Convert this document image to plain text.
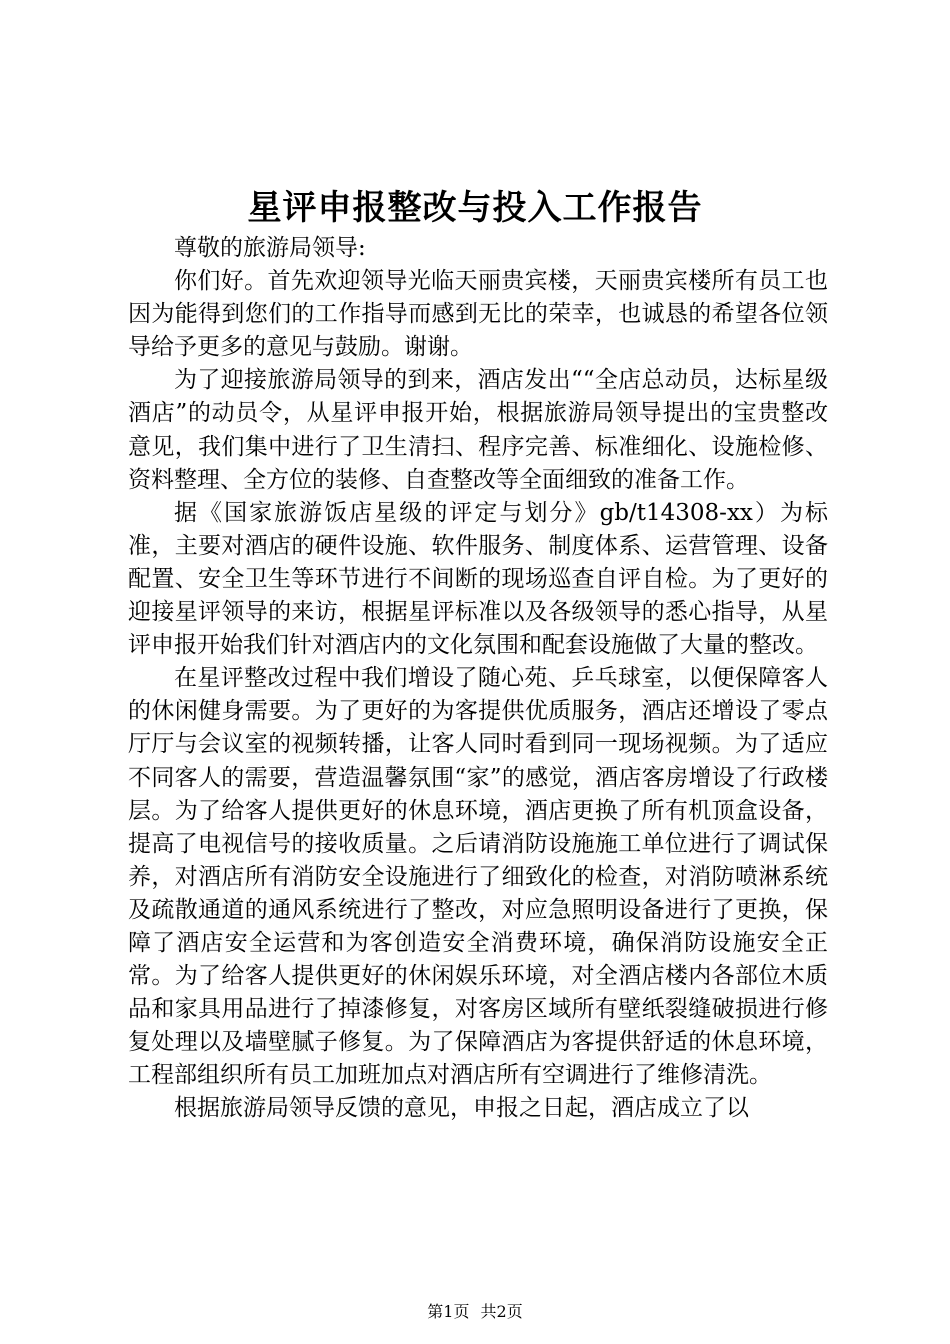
星评申报整改与投入工作报告

尊敬的旅游局领导:

你们好。首先欢迎领导光临天丽贵宾楼，天丽贵宾楼所有员工也因为能得到您们的工作指导而感到无比的荣幸，也诚恳的希望各位领导给予更多的意见与鼓励。谢谢。

为了迎接旅游局领导的到来，酒店发出““全店总动员，达标星级酒店”的动员令，从星评申报开始，根据旅游局领导提出的宝贵整改意见，我们集中进行了卫生清扫、程序完善、标准细化、设施检修、资料整理、全方位的装修、自查整改等全面细致的准备工作。

据《国家旅游饭店星级的评定与划分》gb/t14308-xx）为标准，主要对酒店的硬件设施、软件服务、制度体系、运营管理、设备配置、安全卫生等环节进行不间断的现场巡查自评自检。为了更好的迎接星评领导的来访，根据星评标准以及各级领导的悉心指导，从星评申报开始我们针对酒店内的文化氛围和配套设施做了大量的整改。

在星评整改过程中我们增设了随心苑、乒乓球室，以便保障客人的休闲健身需要。为了更好的为客提供优质服务，酒店还增设了零点厅厅与会议室的视频转播，让客人同时看到同一现场视频。为了适应不同客人的需要，营造温馨氛围“家”的感觉，酒店客房增设了行政楼层。为了给客人提供更好的休息环境，酒店更换了所有机顶盒设备，提高了电视信号的接收质量。之后请消防设施施工单位进行了调试保养，对酒店所有消防安全设施进行了细致化的检查，对消防喷淋系统及疏散通道的通风系统进行了整改，对应急照明设备进行了更换，保障了酒店安全运营和为客创造安全消费环境，确保消防设施安全正常。为了给客人提供更好的休闲娱乐环境，对全酒店楼内各部位木质品和家具用品进行了掉漆修复，对客房区域所有壁纸裂缝破损进行修复处理以及墙壁腻子修复。为了保障酒店为客提供舒适的休息环境，工程部组织所有员工加班加点对酒店所有空调进行了维修清洗。

根据旅游局领导反馈的意见，申报之日起，酒店成立了以

第1页 共2页
